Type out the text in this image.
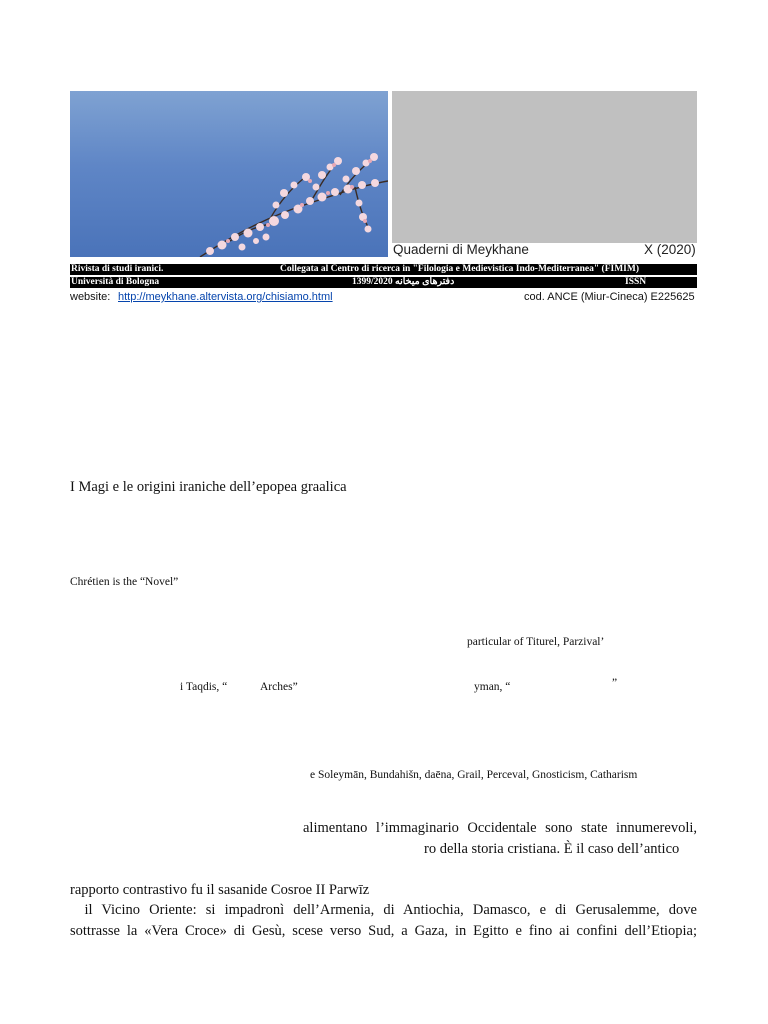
Quaderni di Meykhane	X (2020)
Rivista di studi iranici.	Collegata al Centro di ricerca in "Filologia e Medievistica Indo-Mediterranea" (FIMIM)
Università di Bologna	1399/2020 دفترهای میخانه	ISSN
website: http://meykhane.altervista.org/chisiamo.html	cod. ANCE (Miur-Cineca) E225625
I Magi e le origini iraniche dell’epopea graalica
Chrétien is the “Novel”
particular of Titurel, Parzival’
i Taqdis, “	Arches”	yman, “	”
e Soleymān, Bundahišn, daēna, Grail, Perceval, Gnosticism, Catharism
alimentano l’immaginario Occidentale sono state innumerevoli,
ro della storia cristiana. È il caso dell’antico
rapporto contrastivo fu il sasanide Cosroe II Parwīz
 il Vicino Oriente: si impadronì dell’Armenia, di Antiochia, Damasco, e di Gerusalemme, dove
sottrasse la «Vera Croce» di Gesù, scese verso Sud, a Gaza, in Egitto e fino ai confini dell’Etiopia;
